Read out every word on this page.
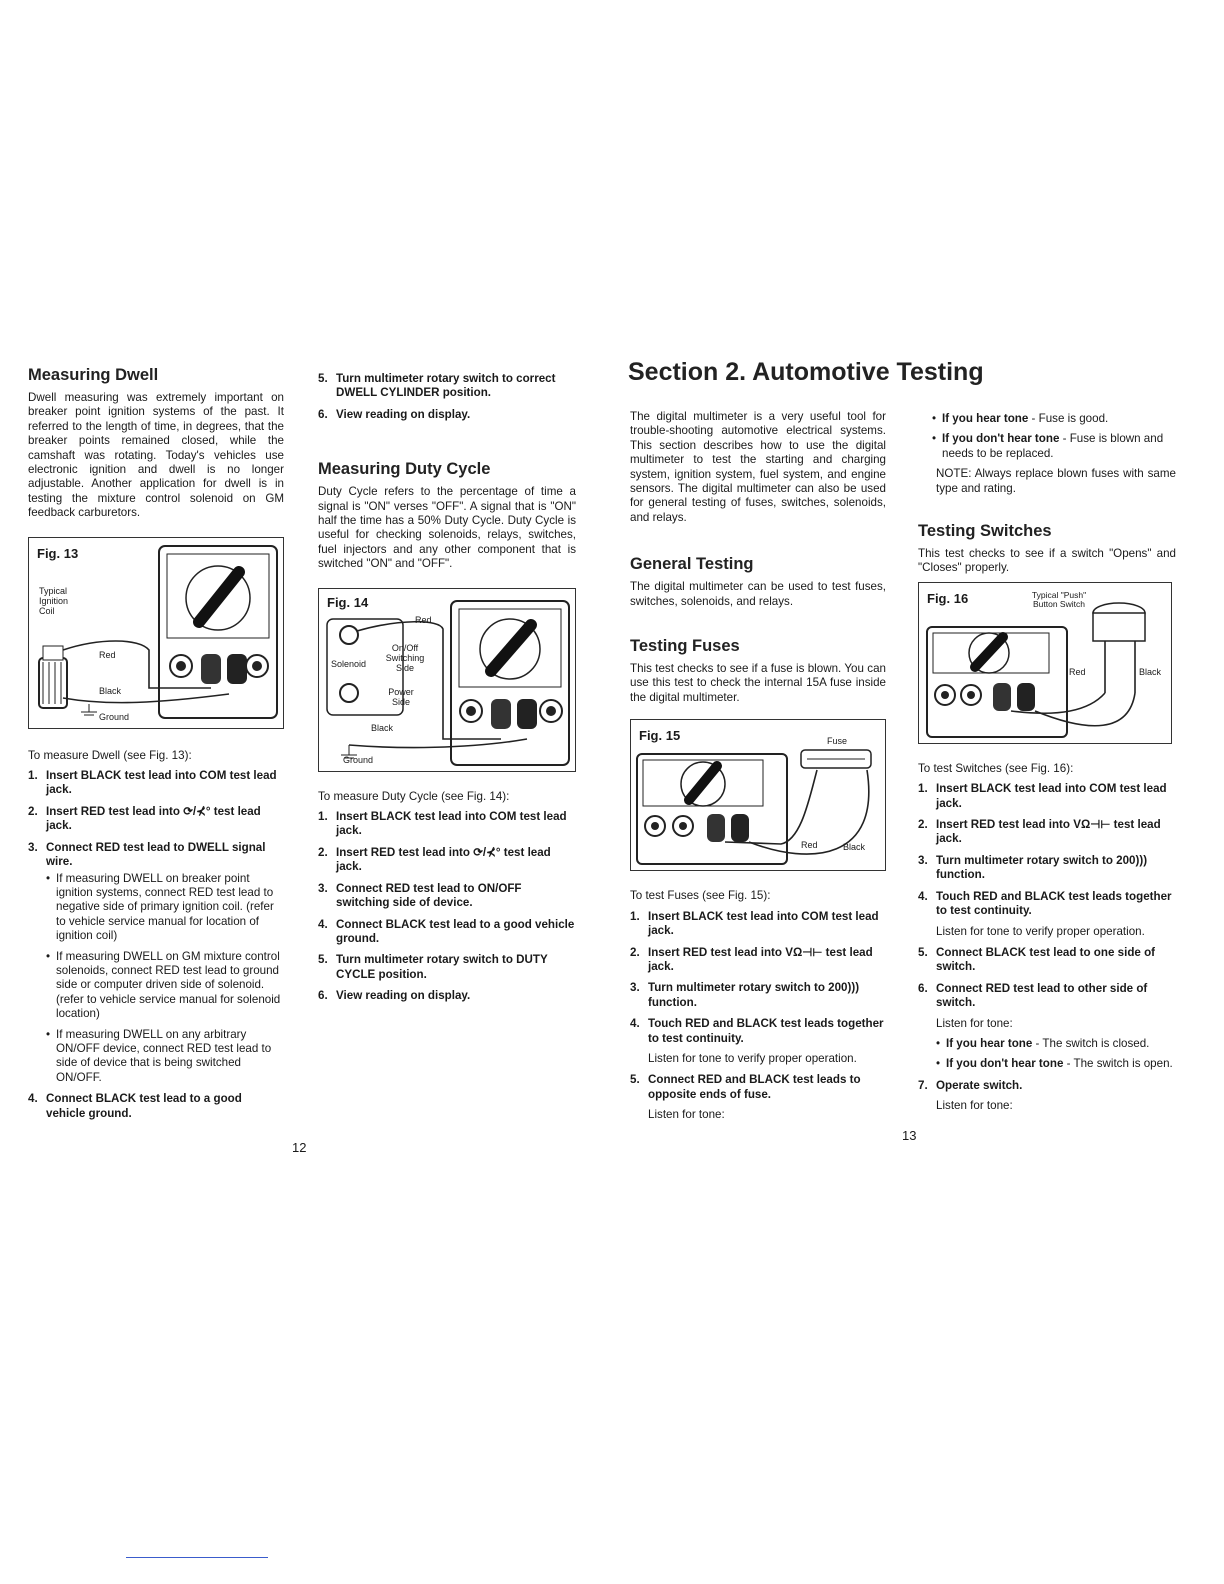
Measuring Dwell

Dwell measuring was extremely important on breaker point ignition systems of the past. It referred to the length of time, in degrees, that the breaker points remained closed, while the camshaft was rotating. Today's vehicles use electronic ignition and dwell is no longer adjustable. Another application for dwell is in testing the mixture control solenoid on GM feedback carburetors.

Fig. 13
Typical Ignition Coil
Red
Black
Ground

To measure Dwell (see Fig. 13):

1. Insert BLACK test lead into COM test lead jack.
2. Insert RED test lead into ⟳/⊀° test lead jack.
3. Connect RED test lead to DWELL signal wire.
• If measuring DWELL on breaker point ignition systems, connect RED test lead to negative side of primary ignition coil. (refer to vehicle service manual for location of ignition coil)
• If measuring DWELL on GM mixture control solenoids, connect RED test lead to ground side or computer driven side of solenoid. (refer to vehicle service manual for solenoid location)
• If measuring DWELL on any arbitrary ON/OFF device, connect RED test lead to side of device that is being switched ON/OFF.
4. Connect BLACK test lead to a good vehicle ground.
5. Turn multimeter rotary switch to correct DWELL CYLINDER position.
6. View reading on display.
Measuring Duty Cycle

Duty Cycle refers to the percentage of time a signal is "ON" verses "OFF". A signal that is "ON" half the time has a 50% Duty Cycle. Duty Cycle is useful for checking solenoids, relays, switches, fuel injectors and any other component that is switched "ON" and "OFF".

Fig. 14
Red
On/Off Switching Side
Solenoid
Power Side
Black
Ground

To measure Duty Cycle (see Fig. 14):

1. Insert BLACK test lead into COM test lead jack.
2. Insert RED test lead into ⟳/⊀° test lead jack.
3. Connect RED test lead to ON/OFF switching side of device.
4. Connect BLACK test lead to a good vehicle ground.
5. Turn multimeter rotary switch to DUTY CYCLE position.
6. View reading on display.
12
Section 2. Automotive Testing

The digital multimeter is a very useful tool for trouble-shooting automotive electrical systems. This section describes how to use the digital multimeter to test the starting and charging system, ignition system, fuel system, and engine sensors. The digital multimeter can also be used for general testing of fuses, switches, solenoids, and relays.

General Testing

The digital multimeter can be used to test fuses, switches, solenoids, and relays.

Testing Fuses

This test checks to see if a fuse is blown. You can use this test to check the internal 15A fuse inside the digital multimeter.

Fig. 15	Fuse
Red	Black

To test Fuses (see Fig. 15):

1. Insert BLACK test lead into COM test lead jack.
2. Insert RED test lead into VΩ⊣⊢ test lead jack.
3. Turn multimeter rotary switch to 200))) function.
4. Touch RED and BLACK test leads together to test continuity.
Listen for tone to verify proper operation.
5. Connect RED and BLACK test leads to opposite ends of fuse.
Listen for tone:
13
• If you hear tone - Fuse is good.
• If you don't hear tone - Fuse is blown and needs to be replaced.

NOTE: Always replace blown fuses with same type and rating.

Testing Switches

This test checks to see if a switch "Opens" and "Closes" properly.

Fig. 16	Typical "Push" Button Switch
Red	Black

To test Switches (see Fig. 16):

1. Insert BLACK test lead into COM test lead jack.
2. Insert RED test lead into VΩ⊣⊢ test lead jack.
3. Turn multimeter rotary switch to 200))) function.
4. Touch RED and BLACK test leads together to test continuity.
Listen for tone to verify proper operation.
5. Connect BLACK test lead to one side of switch.
6. Connect RED test lead to other side of switch.
Listen for tone:
• If you hear tone - The switch is closed.
• If you don't hear tone - The switch is open.
7. Operate switch.
Listen for tone:
